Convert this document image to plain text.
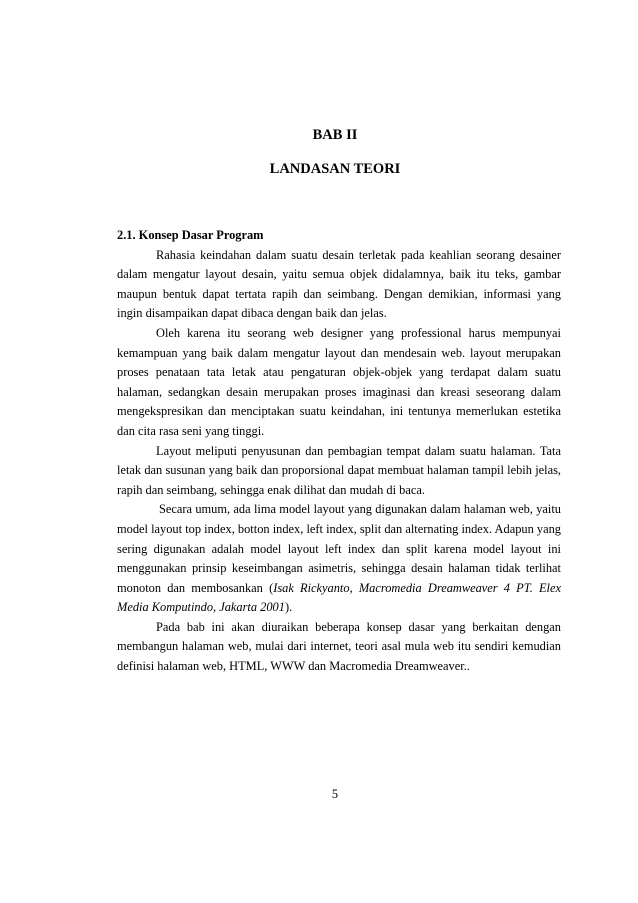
BAB II
LANDASAN TEORI
2.1. Konsep Dasar Program

Rahasia keindahan dalam suatu desain terletak pada keahlian seorang desainer dalam mengatur layout desain, yaitu semua objek didalamnya, baik itu teks, gambar maupun bentuk dapat tertata rapih dan seimbang. Dengan demikian, informasi yang ingin disampaikan dapat dibaca dengan baik dan jelas.

Oleh karena itu seorang web designer yang professional harus mempunyai kemampuan yang baik dalam mengatur layout dan mendesain web. layout merupakan proses penataan tata letak atau pengaturan objek-objek yang terdapat dalam suatu halaman, sedangkan desain merupakan proses imaginasi dan kreasi seseorang dalam mengekspresikan dan menciptakan suatu keindahan, ini tentunya memerlukan estetika dan cita rasa seni yang tinggi.

Layout meliputi penyusunan dan pembagian tempat dalam suatu halaman. Tata letak dan susunan yang baik dan proporsional dapat membuat halaman tampil lebih jelas, rapih dan seimbang, sehingga enak dilihat dan mudah di baca.

Secara umum, ada lima model layout yang digunakan dalam halaman web, yaitu model layout top index, botton index, left index, split dan alternating index. Adapun yang sering digunakan adalah model layout left index dan split karena model layout ini menggunakan prinsip keseimbangan asimetris, sehingga desain halaman tidak terlihat monoton dan membosankan (Isak Rickyanto, Macromedia Dreamweaver 4 PT. Elex Media Komputindo, Jakarta 2001).

Pada bab ini akan diuraikan beberapa konsep dasar yang berkaitan dengan membangun halaman web, mulai dari internet, teori asal mula web itu sendiri kemudian definisi halaman web, HTML, WWW dan Macromedia Dreamweaver..

5
